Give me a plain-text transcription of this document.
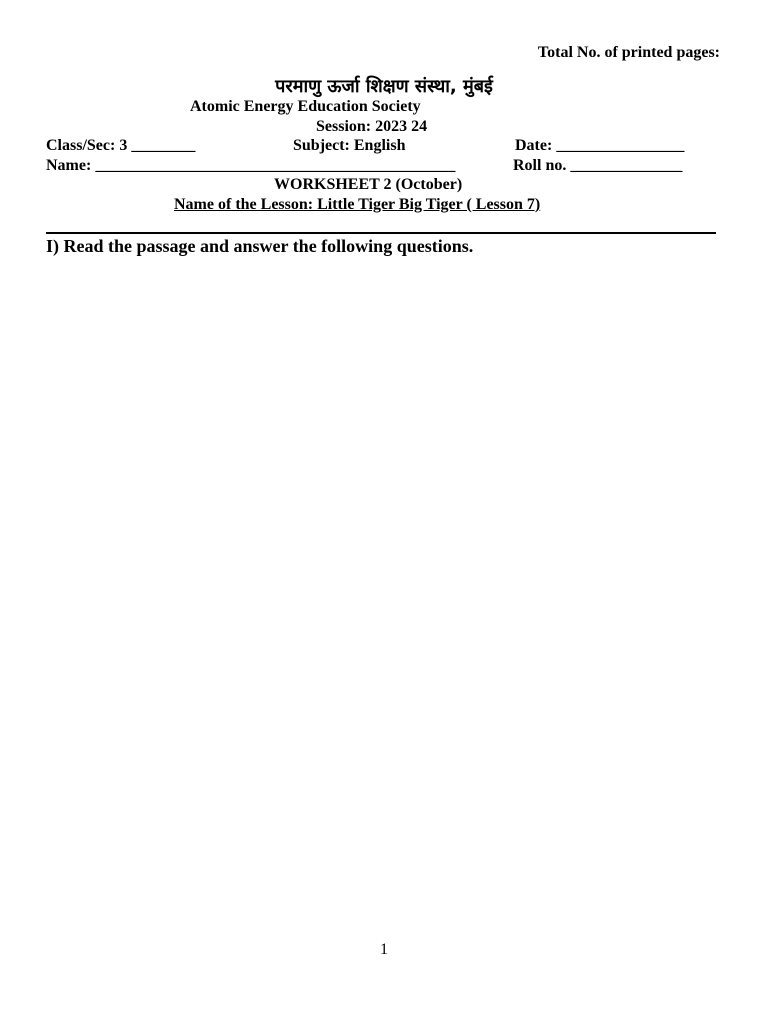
Total No. of printed pages:
परमाणु ऊर्जा शिक्षण संस्था, मुंबई
Atomic Energy Education Society
Session: 2023 24
Class/Sec: 3 ________	Subject: English	Date: ________________
Name: _____________________________________________	Roll no. ______________
WORKSHEET 2 (October)
Name of the Lesson: Little Tiger Big Tiger ( Lesson 7)
I) Read the passage and answer the following questions.
1
